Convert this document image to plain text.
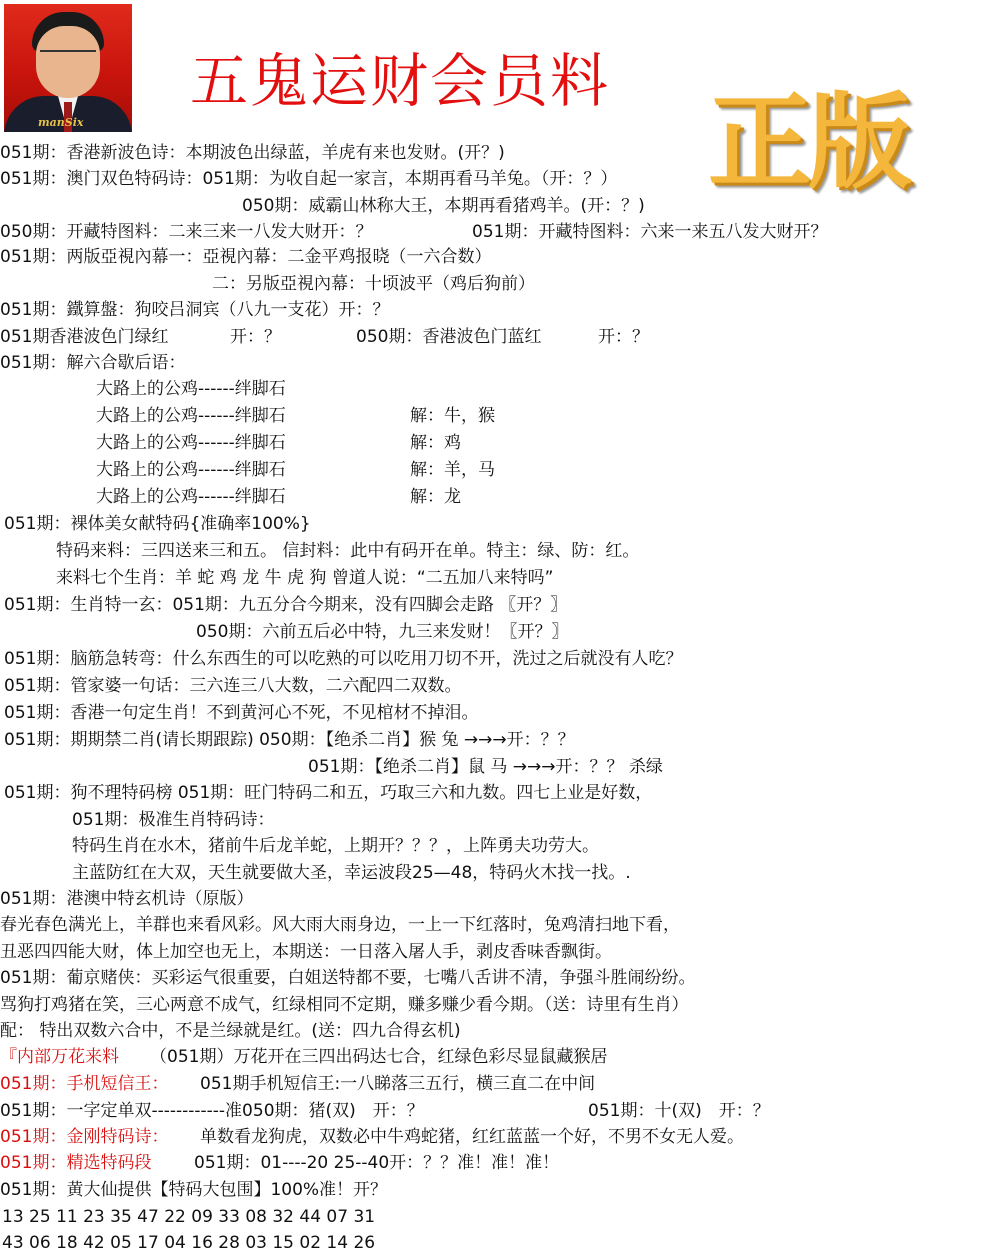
manSix
五鬼运财会员料 正版
051期：香港新波色诗：本期波色出绿蓝，羊虎有来也发财。(开？)
051期：澳门双色特码诗：051期：为收自起一家言，本期再看马羊兔。（开：？）
050期：威霸山林称大王，本期再看猪鸡羊。(开：？)
050期：开藏特图料：二来三来一八发大财开：？	051期：开藏特图料：六来一来五八发大财开？
051期：两版亞視內幕一：亞視內幕：二金平鸡报晓（一六合数）
二：另版亞視內幕：十顷波平（鸡后狗前）
051期：鐵算盤：狗咬吕洞宾（八九一支花）开：？
051期香港波色门绿红	开：？	050期：香港波色门蓝红	开：？
051期：解六合歇后语：
大路上的公鸡------绊脚石
大路上的公鸡------绊脚石	解：牛，猴
大路上的公鸡------绊脚石	解：鸡
大路上的公鸡------绊脚石	解：羊，马
大路上的公鸡------绊脚石	解：龙
051期：裸体美女献特码{准确率100%}
特码来料：三四送来三和五。 信封料：此中有码开在单。特主：绿、防：红。
来料七个生肖：羊 蛇 鸡 龙 牛 虎 狗 曾道人说：“二五加八来特吗”
051期：生肖特一玄：051期：九五分合今期来，没有四脚会走路 〖开？〗
050期：六前五后必中特，九三来发财！〖开？〗
051期：脑筋急转弯：什么东西生的可以吃熟的可以吃用刀切不开，洗过之后就没有人吃？
051期：管家婆一句话：三六连三八大数，二六配四二双数。
051期：香港一句定生肖！不到黄河心不死，不见棺材不掉泪。
051期：期期禁二肖(请长期跟踪) 050期：【绝杀二肖】猴 兔 →→→开：？？
051期：【绝杀二肖】鼠 马 →→→开：？？ 杀绿
051期：狗不理特码榜 051期：旺门特码二和五，巧取三六和九数。四七上业是好数，
051期：极准生肖特码诗：
特码生肖在水木，猪前牛后龙羊蛇，上期开？？？，上阵勇夫功劳大。
主蓝防红在大双，天生就要做大圣，幸运波段25—48，特码火木找一找。.
051期：港澳中特玄机诗（原版）
春光春色满光上，羊群也来看风彩。风大雨大雨身边，一上一下红落时，兔鸡清扫地下看，
丑恶四四能大财，体上加空也无上，本期送：一日落入屠人手，剥皮香味香飘街。
051期：葡京赌侠：买彩运气很重要，白姐送特都不要，七嘴八舌讲不清，争强斗胜闹纷纷。
骂狗打鸡猪在笑，三心两意不成气，红绿相同不定期，赚多赚少看今期。（送：诗里有生肖）
配： 特出双数六合中，不是兰绿就是红。(送：四九合得玄机)
『内部万花来料 （051期）万花开在三四出码达七合，红绿色彩尽显鼠藏猴居
051期：手机短信王： 051期手机短信王:一八睇落三五行，横三直二在中间
051期：一字定单双------------准050期：猪(双)　开：？	051期：十(双)　开：？
051期：金刚特码诗： 单数看龙狗虎，双数必中牛鸡蛇猪，红红蓝蓝一个好，不男不女无人爱。
051期：精选特码段	051期：01----20 25--40开：？？准！准！准！
051期：黄大仙提供【特码大包围】100%准！开？
13 25 11 23 35 47 22 09 33 08 32 44 07 31
43 06 18 42 05 17 04 16 28 03 15 02 14 26
